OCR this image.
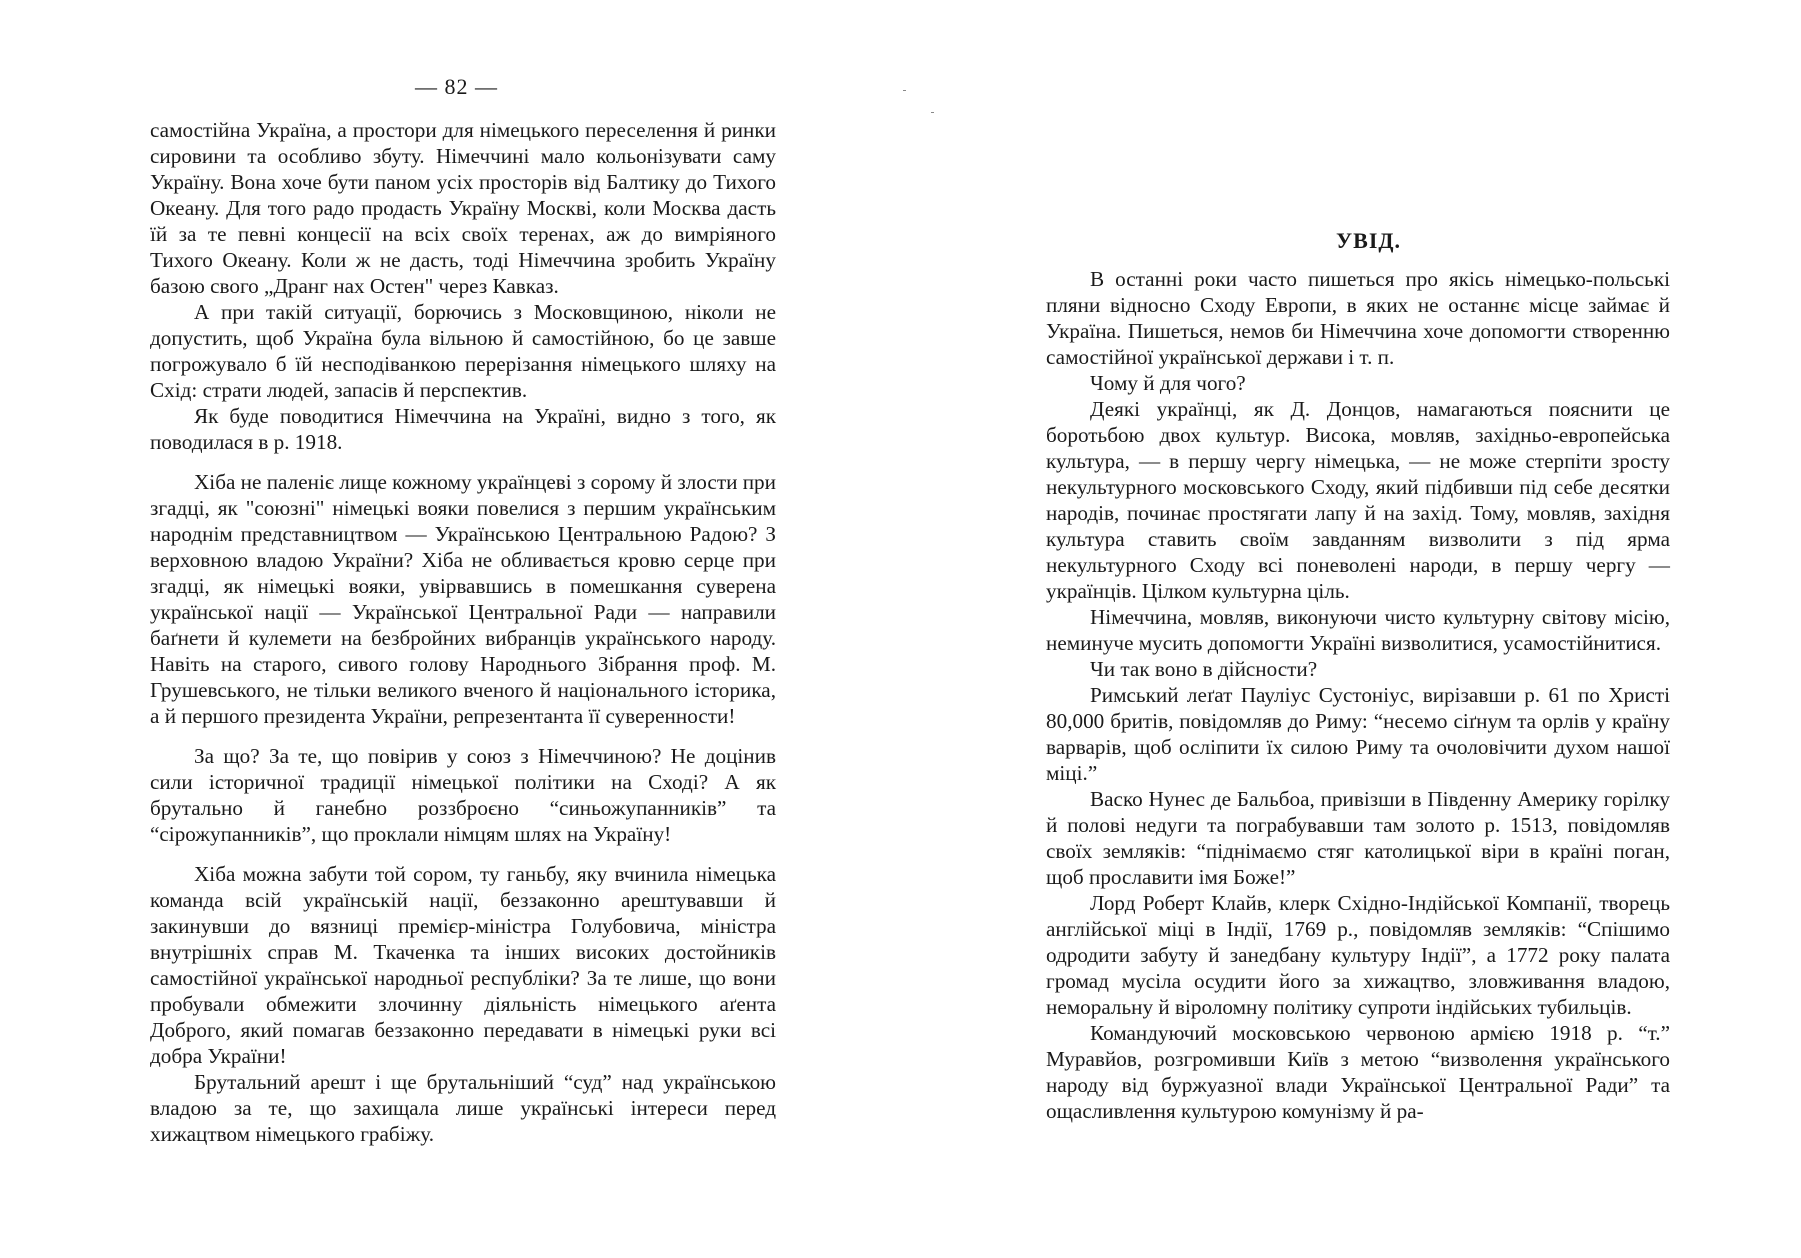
— 82 —

самостійна Україна, а простори для німецького переселення й ринки сировини та особливо збуту. Німеччині мало кольонізувати саму Україну. Вона хоче бути паном усіх просторів від Балтику до Тихого Океану. Для того радо продасть Україну Москві, коли Москва дасть їй за те певні концесії на всіх своїх теренах, аж до вимріяного Тихого Океану. Коли ж не дасть, тоді Німеччина зробить Україну базою свого „Дранг нах Остен" через Кавказ.

А при такій ситуації, борючись з Московщиною, ніколи не допустить, щоб Україна була вільною й самостійною, бо це завше погрожувало б їй несподіванкою перерізання німецького шляху на Схід: страти людей, запасів й перспектив.

Як буде поводитися Німеччина на Україні, видно з того, як поводилася в р. 1918.

Хіба не паленіє лище кожному українцеві з сорому й злости при згадці, як "союзні" німецькі вояки повелися з першим українським народнім представництвом — Українською Центральною Радою? З верховною владою України? Хіба не обливається кровю серце при згадці, як німецькі вояки, увірвавшись в помешкання суверена української нації — Української Центральної Ради — направили баґнети й кулемети на безбройних вибранців українського народу. Навіть на старого, сивого голову Народнього Зібрання проф. М. Грушевського, не тільки великого вченого й національного історика, а й першого президента України, репрезентанта її суверенности!

За що? За те, що повірив у союз з Німеччиною? Не доцінив сили історичної традиції німецької політики на Сході? А як брутально й ганебно роззброєно “синьожупанників” та “сірожупанників”, що проклали німцям шлях на Україну!

Хіба можна забути той сором, ту ганьбу, яку вчинила німецька команда всій українській нації, беззаконно арештувавши й закинувши до вязниці премієр-міністра Голубовича, міністра внутрішніх справ М. Ткаченка та інших високих достойників самостійної української народньої республіки? За те лише, що вони пробували обмежити злочинну діяльність німецького аґента Доброго, який помагав беззаконно передавати в німецькі руки всі добра України!

Брутальний арешт і ще брутальніший “суд” над українською владою за те, що захищала лише українські інтереси перед хижацтвом німецького грабіжу.

УВІД.

В останні роки часто пишеться про якісь німецько-польські пляни відносно Сходу Европи, в яких не останнє місце займає й Україна. Пишеться, немов би Німеччина хоче допомогти створенню самостійної української держави і т. п.

Чому й для чого?

Деякі українці, як Д. Донцов, намагаються пояснити це боротьбою двох культур. Висока, мовляв, західньо-европейська культура, — в першу чергу німецька, — не може стерпіти зросту некультурного московського Сходу, який підбивши під себе десятки народів, починає простягати лапу й на захід. Тому, мовляв, західня культура ставить своїм завданням визволити з під ярма некультурного Сходу всі поневолені народи, в першу чергу — українців. Цілком культурна ціль.

Німеччина, мовляв, виконуючи чисто культурну світову місію, неминуче мусить допомогти Україні визволитися, усамостійнитися.

Чи так воно в дійсности?

Римський леґат Пауліус Сустоніус, вирізавши р. 61 по Христі 80,000 бритів, повідомляв до Риму: “несемо сіґнум та орлів у країну варварів, щоб осліпити їх силою Риму та очоловічити духом нашої міці.”

Васко Нунес де Бальбоа, привізши в Південну Америку горілку й полові недуги та пограбувавши там золото р. 1513, повідомляв своїх земляків: “піднімаємо стяг католицької віри в країні поган, щоб прославити імя Боже!”

Лорд Роберт Клайв, клерк Східно-Індійської Компанії, творець англійської міці в Індії, 1769 р., повідомляв земляків: “Спішимо одродити забуту й занедбану культуру Індії”, а 1772 року палата громад мусіла осудити його за хижацтво, зловживання владою, неморальну й віроломну політику супроти індійських тубильців.

Командуючий московською червоною армією 1918 р. “т.” Муравйов, розгромивши Київ з метою “визволення українського народу від буржуазної влади Української Центральної Ради” та ощасливлення культурою комунізму й ра-
